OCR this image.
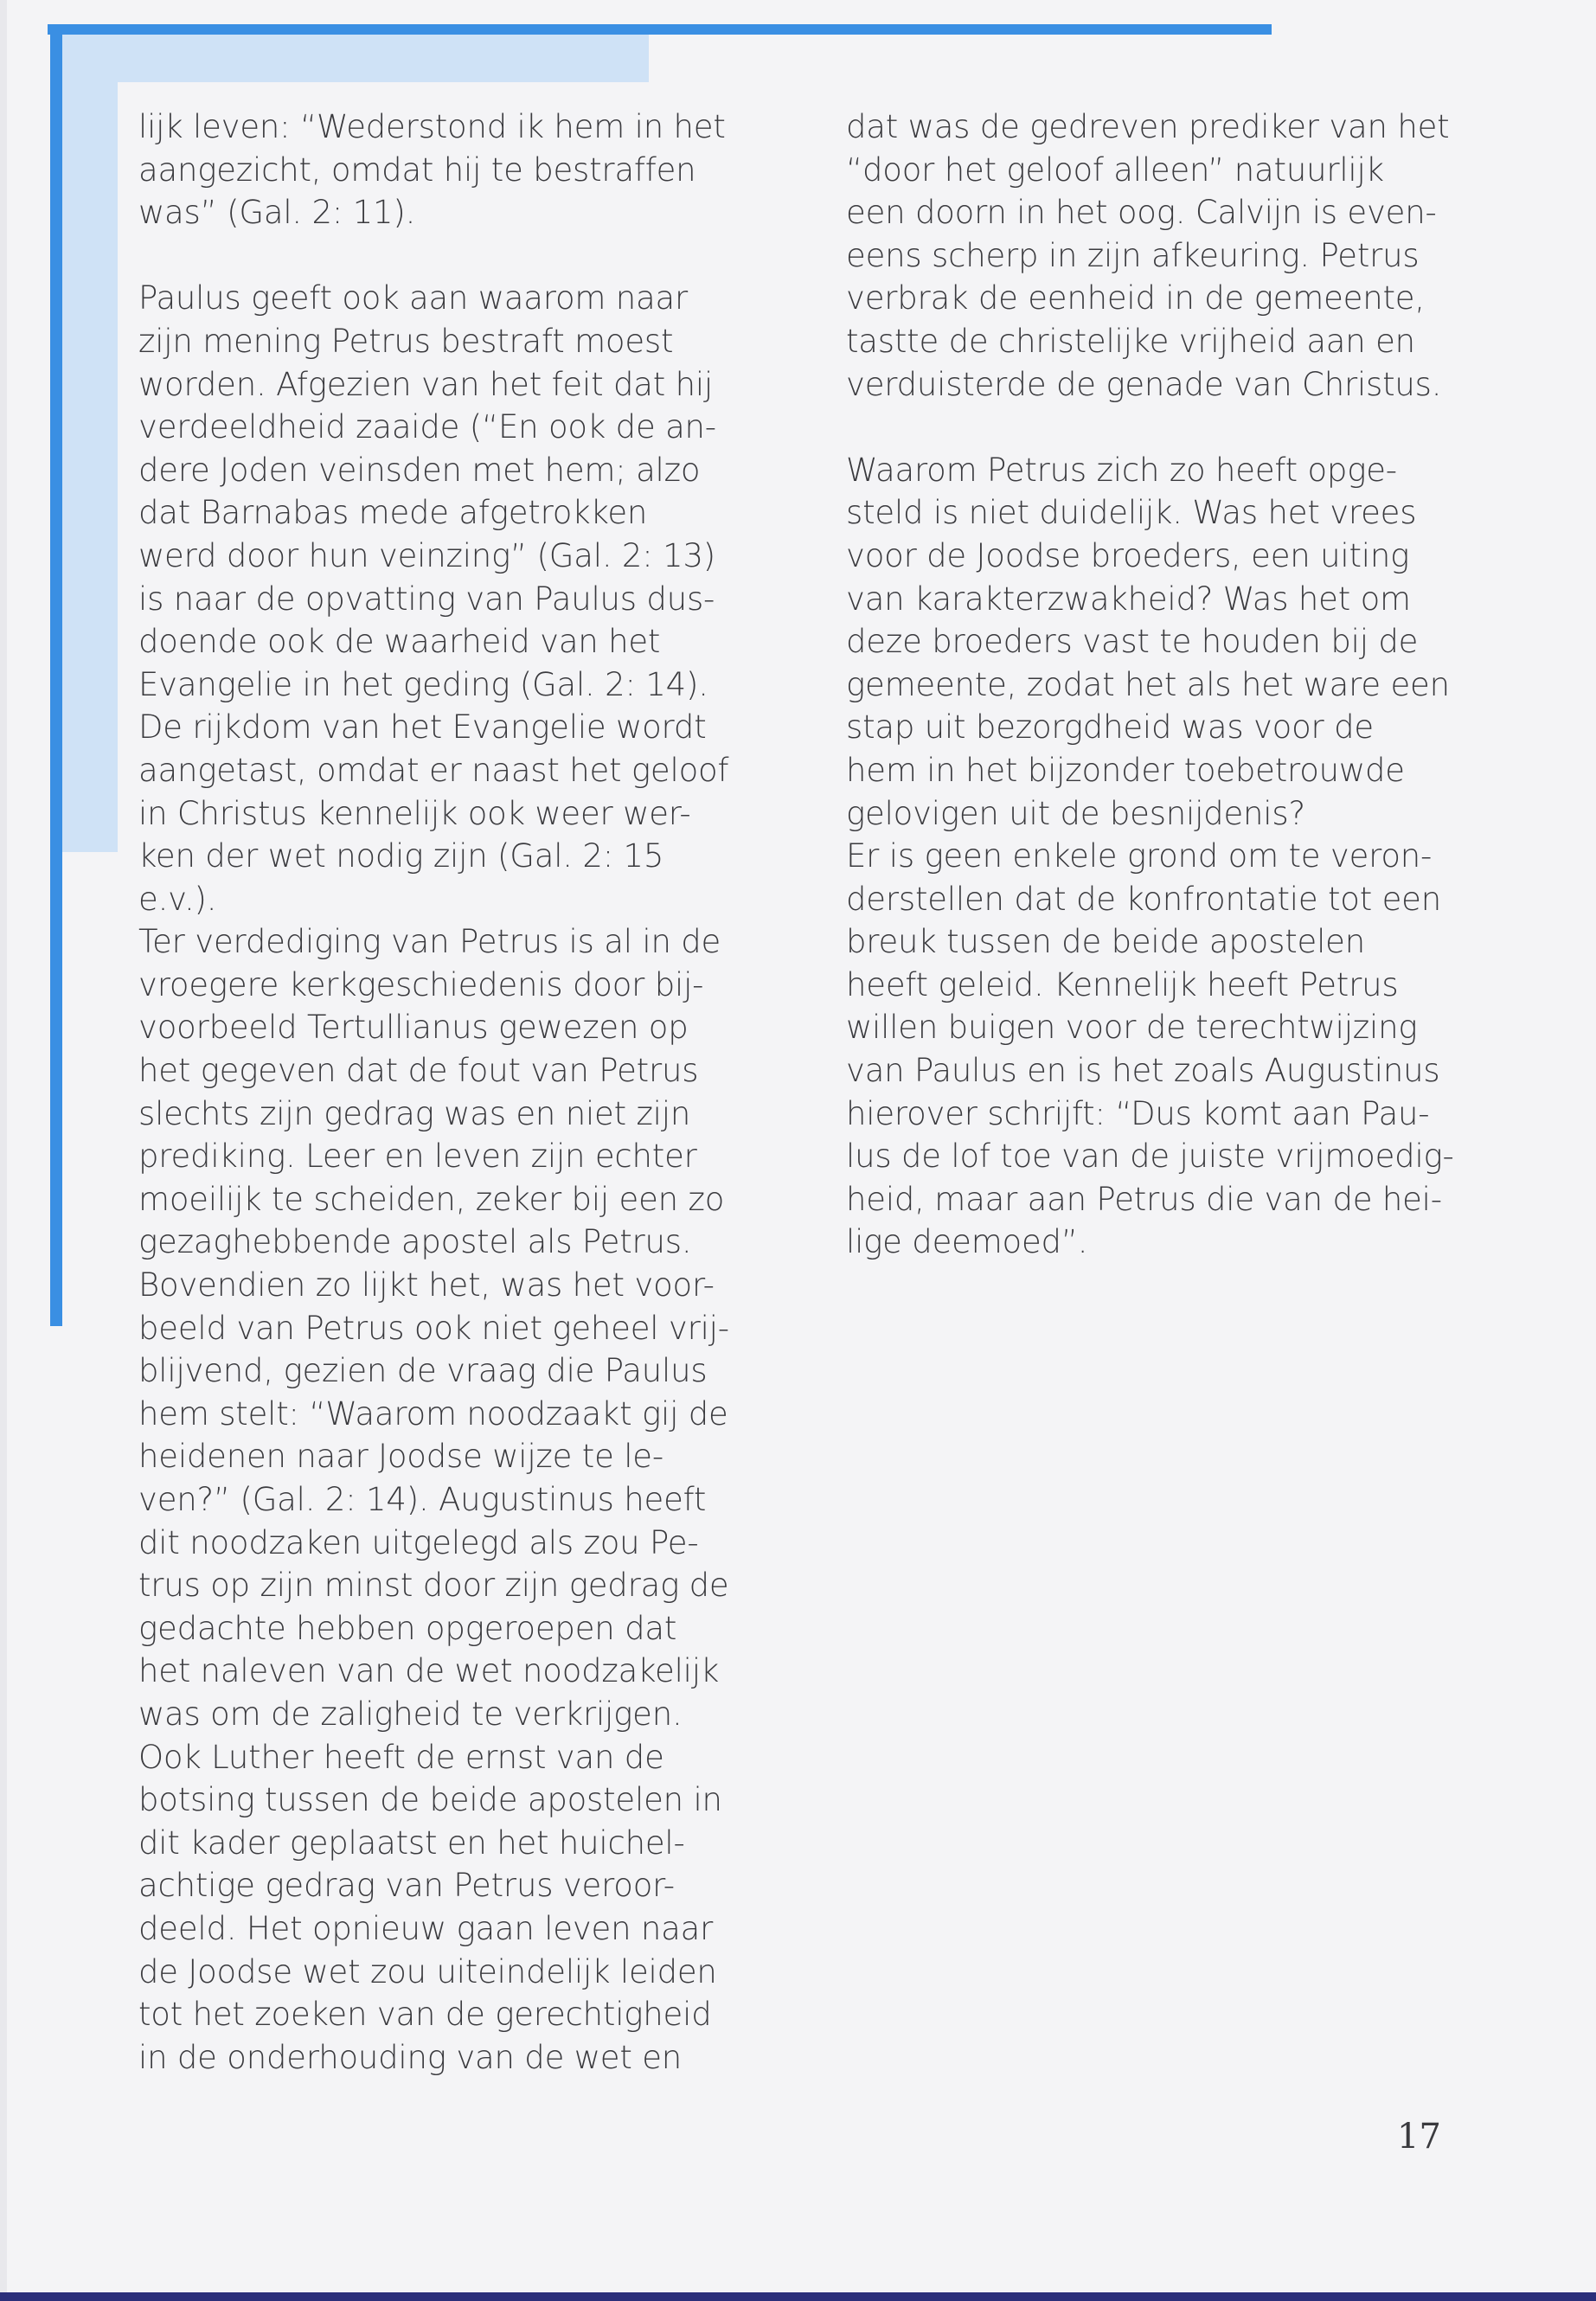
lijk leven: “Wederstond ik hem in het
aangezicht, omdat hij te bestraffen
was” (Gal. 2: 11).

Paulus geeft ook aan waarom naar
zijn mening Petrus bestraft moest
worden. Afgezien van het feit dat hij
verdeeldheid zaaide (“En ook de an-
dere Joden veinsden met hem; alzo
dat Barnabas mede afgetrokken
werd door hun veinzing” (Gal. 2: 13)
is naar de opvatting van Paulus dus-
doende ook de waarheid van het
Evangelie in het geding (Gal. 2: 14).
De rijkdom van het Evangelie wordt
aangetast, omdat er naast het geloof
in Christus kennelijk ook weer wer-
ken der wet nodig zijn (Gal. 2: 15
e.v.).
Ter verdediging van Petrus is al in de
vroegere kerkgeschiedenis door bij-
voorbeeld Tertullianus gewezen op
het gegeven dat de fout van Petrus
slechts zijn gedrag was en niet zijn
prediking. Leer en leven zijn echter
moeilijk te scheiden, zeker bij een zo
gezaghebbende apostel als Petrus.
Bovendien zo lijkt het, was het voor-
beeld van Petrus ook niet geheel vrij-
blijvend, gezien de vraag die Paulus
hem stelt: “Waarom noodzaakt gij de
heidenen naar Joodse wijze te le-
ven?” (Gal. 2: 14). Augustinus heeft
dit noodzaken uitgelegd als zou Pe-
trus op zijn minst door zijn gedrag de
gedachte hebben opgeroepen dat
het naleven van de wet noodzakelijk
was om de zaligheid te verkrijgen.
Ook Luther heeft de ernst van de
botsing tussen de beide apostelen in
dit kader geplaatst en het huichel-
achtige gedrag van Petrus veroor-
deeld. Het opnieuw gaan leven naar
de Joodse wet zou uiteindelijk leiden
tot het zoeken van de gerechtigheid
in de onderhouding van de wet en

dat was de gedreven prediker van het
“door het geloof alleen” natuurlijk
een doorn in het oog. Calvijn is even-
eens scherp in zijn afkeuring. Petrus
verbrak de eenheid in de gemeente,
tastte de christelijke vrijheid aan en
verduisterde de genade van Christus.

Waarom Petrus zich zo heeft opge-
steld is niet duidelijk. Was het vrees
voor de Joodse broeders, een uiting
van karakterzwakheid? Was het om
deze broeders vast te houden bij de
gemeente, zodat het als het ware een
stap uit bezorgdheid was voor de
hem in het bijzonder toebetrouwde
gelovigen uit de besnijdenis?
Er is geen enkele grond om te veron-
derstellen dat de konfrontatie tot een
breuk tussen de beide apostelen
heeft geleid. Kennelijk heeft Petrus
willen buigen voor de terechtwijzing
van Paulus en is het zoals Augustinus
hierover schrijft: “Dus komt aan Pau-
lus de lof toe van de juiste vrijmoedig-
heid, maar aan Petrus die van de hei-
lige deemoed”.

17
